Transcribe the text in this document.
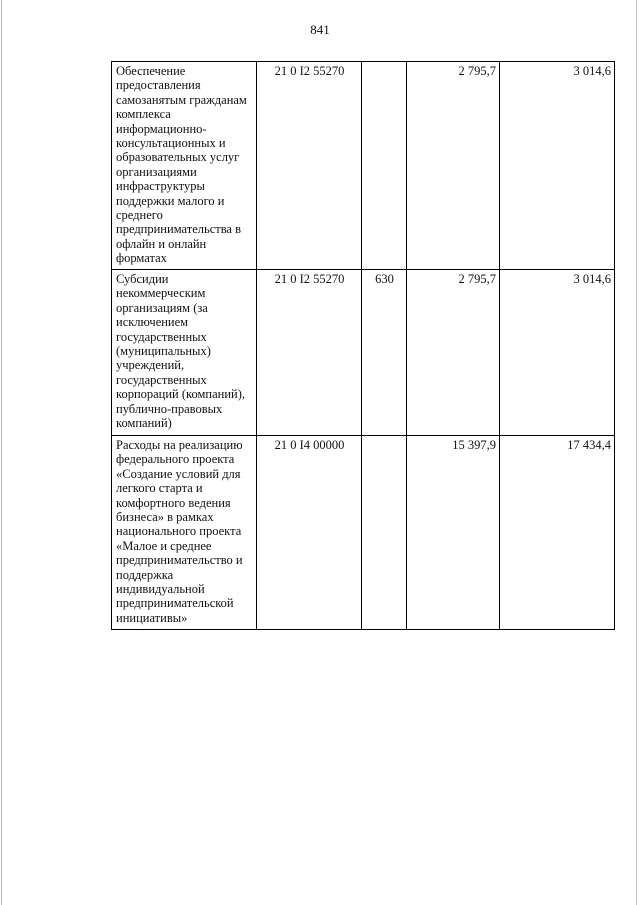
841
Обеспечение предоставления самозанятым гражданам комплекса информационно-консультационных и образовательных услуг организациями инфраструктуры поддержки малого и среднего предпринимательства в офлайн и онлайн форматах	21 0 I2 55270		2 795,7	3 014,6
Субсидии некоммерческим организациям (за исключением государственных (муниципальных) учреждений, государственных корпораций (компаний), публично-правовых компаний)	21 0 I2 55270	630	2 795,7	3 014,6
Расходы на реализацию федерального проекта «Создание условий для легкого старта и комфортного ведения бизнеса» в рамках национального проекта «Малое и среднее предпринимательство и поддержка индивидуальной предпринимательской инициативы»	21 0 I4 00000		15 397,9	17 434,4
